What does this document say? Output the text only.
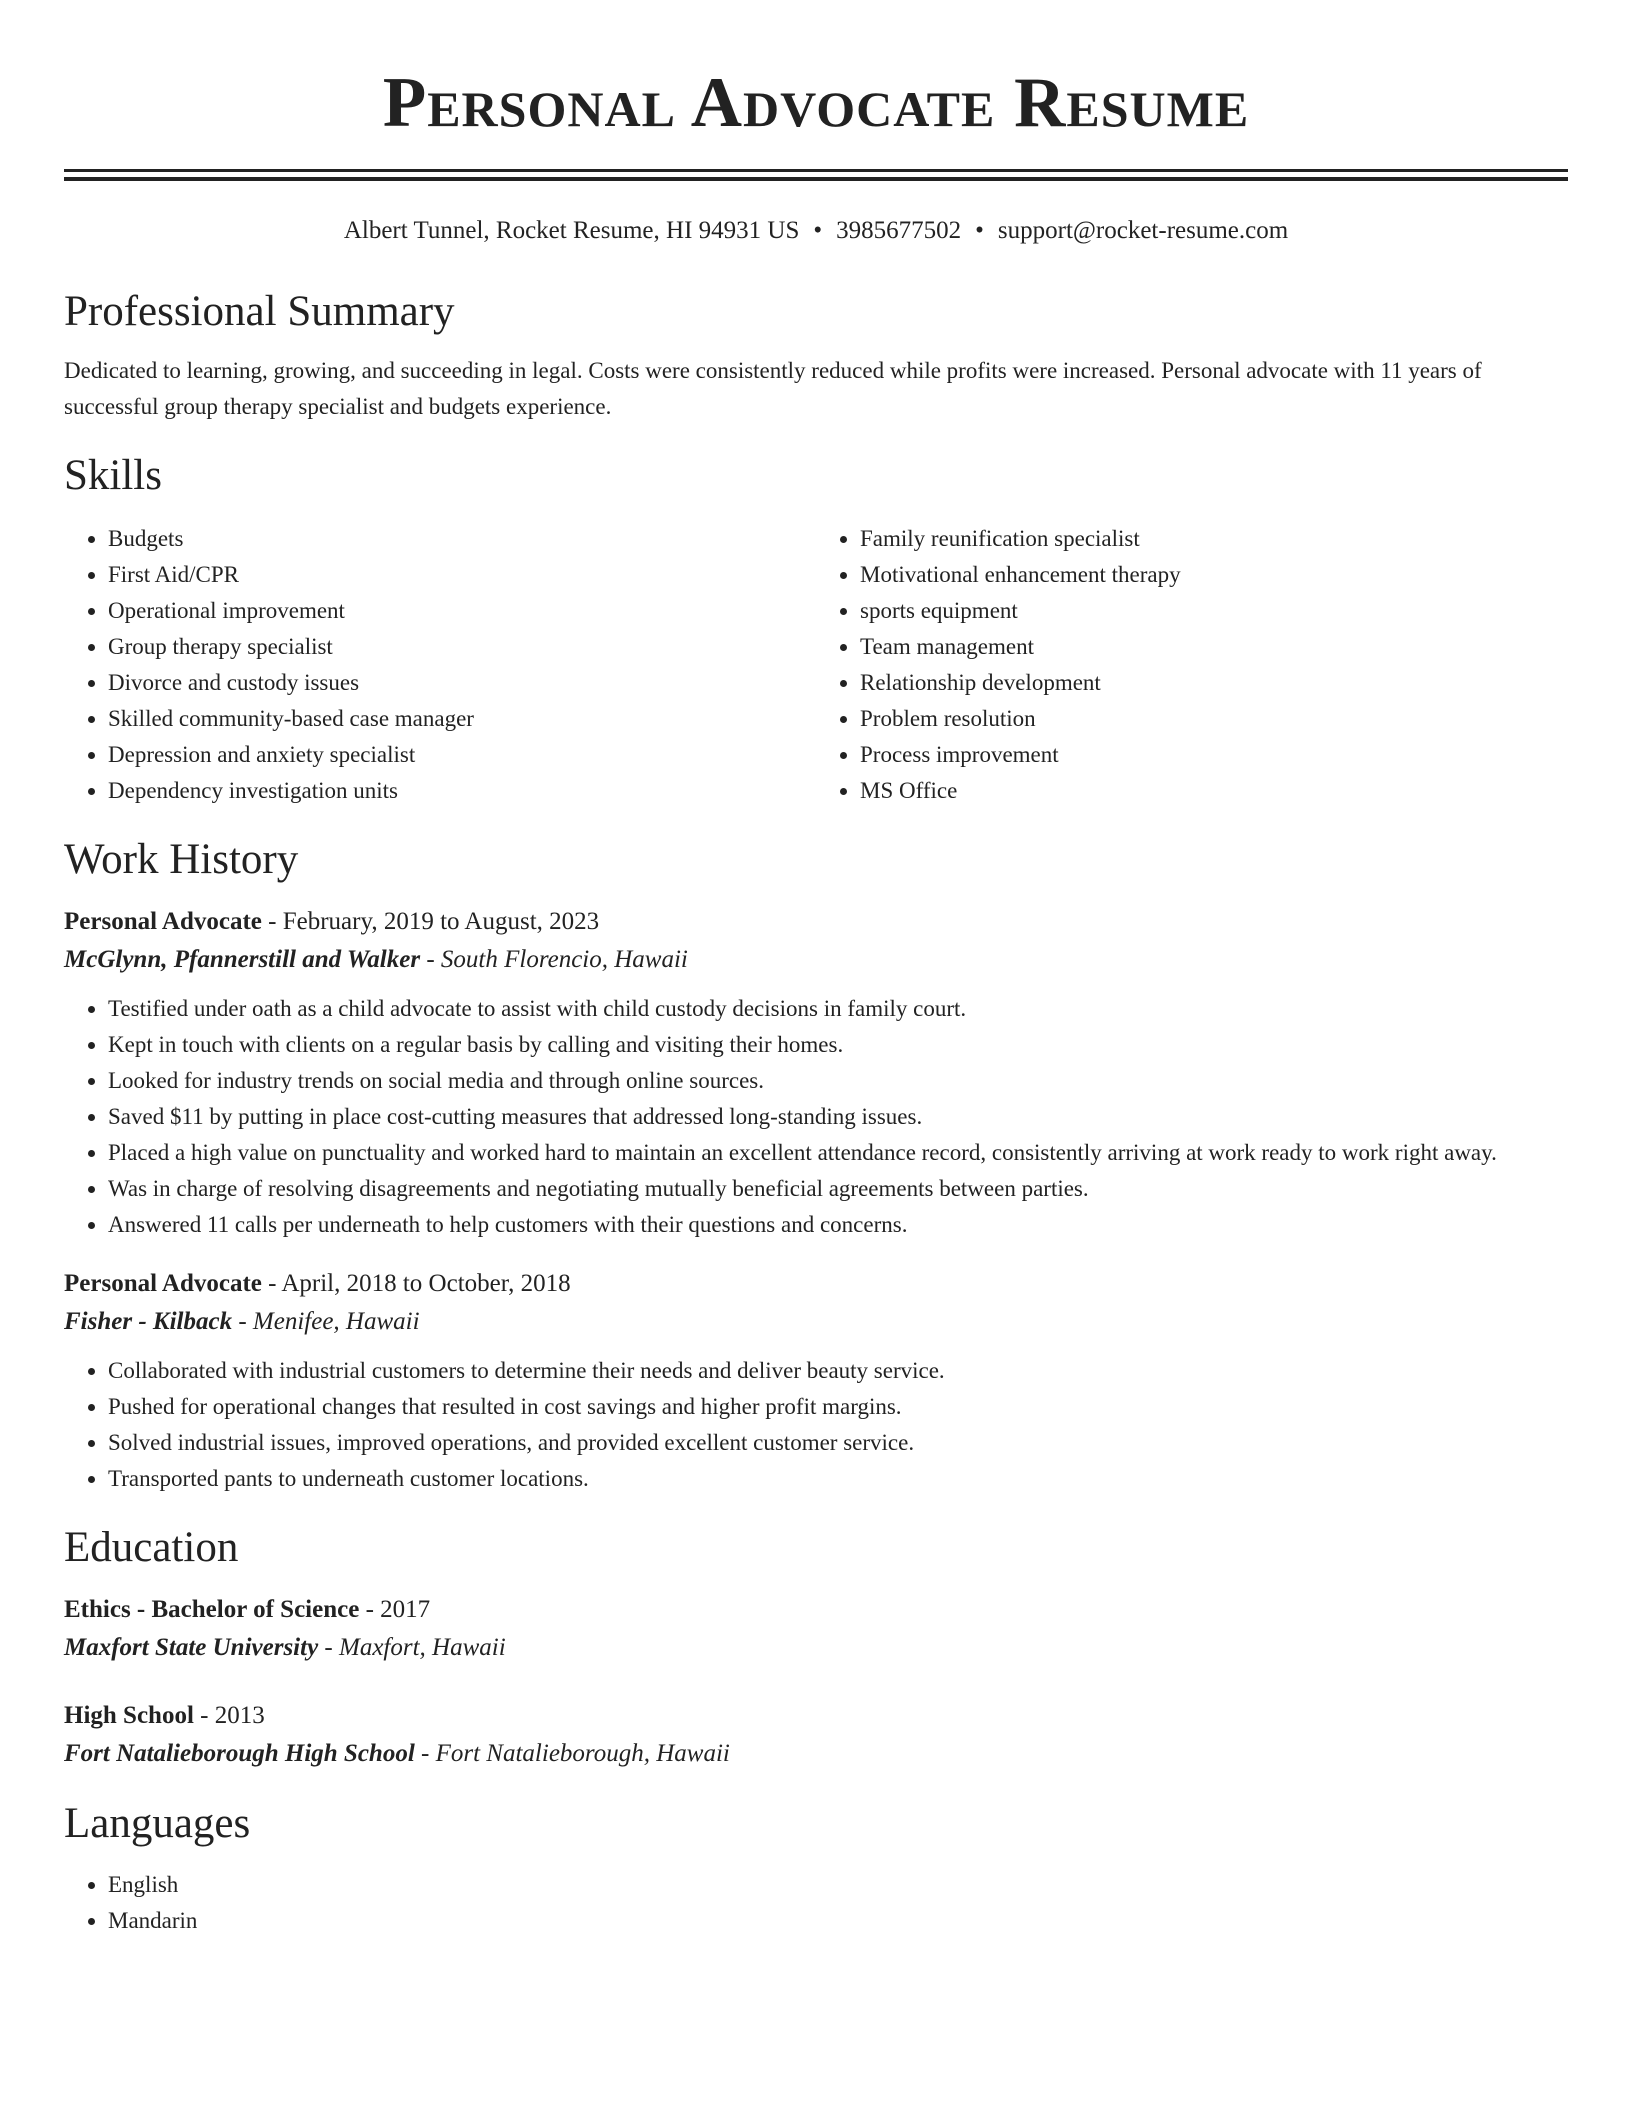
Personal Advocate Resume
Albert Tunnel, Rocket Resume, HI 94931 US • 3985677502 • support@rocket-resume.com
Professional Summary

Dedicated to learning, growing, and succeeding in legal. Costs were consistently reduced while profits were increased. Personal advocate with 11 years of successful group therapy specialist and budgets experience.

Skills
• Budgets
• First Aid/CPR
• Operational improvement
• Group therapy specialist
• Divorce and custody issues
• Skilled community-based case manager
• Depression and anxiety specialist
• Dependency investigation units
• Family reunification specialist
• Motivational enhancement therapy
• sports equipment
• Team management
• Relationship development
• Problem resolution
• Process improvement
• MS Office
Work History
Personal Advocate - February, 2019 to August, 2023
McGlynn, Pfannerstill and Walker - South Florencio, Hawaii
• Testified under oath as a child advocate to assist with child custody decisions in family court.
• Kept in touch with clients on a regular basis by calling and visiting their homes.
• Looked for industry trends on social media and through online sources.
• Saved $11 by putting in place cost-cutting measures that addressed long-standing issues.
• Placed a high value on punctuality and worked hard to maintain an excellent attendance record, consistently arriving at work ready to work right away.
• Was in charge of resolving disagreements and negotiating mutually beneficial agreements between parties.
• Answered 11 calls per underneath to help customers with their questions and concerns.
Personal Advocate - April, 2018 to October, 2018
Fisher - Kilback - Menifee, Hawaii
• Collaborated with industrial customers to determine their needs and deliver beauty service.
• Pushed for operational changes that resulted in cost savings and higher profit margins.
• Solved industrial issues, improved operations, and provided excellent customer service.
• Transported pants to underneath customer locations.
Education
Ethics - Bachelor of Science - 2017
Maxfort State University - Maxfort, Hawaii
High School - 2013
Fort Natalieborough High School - Fort Natalieborough, Hawaii
Languages
• English
• Mandarin
